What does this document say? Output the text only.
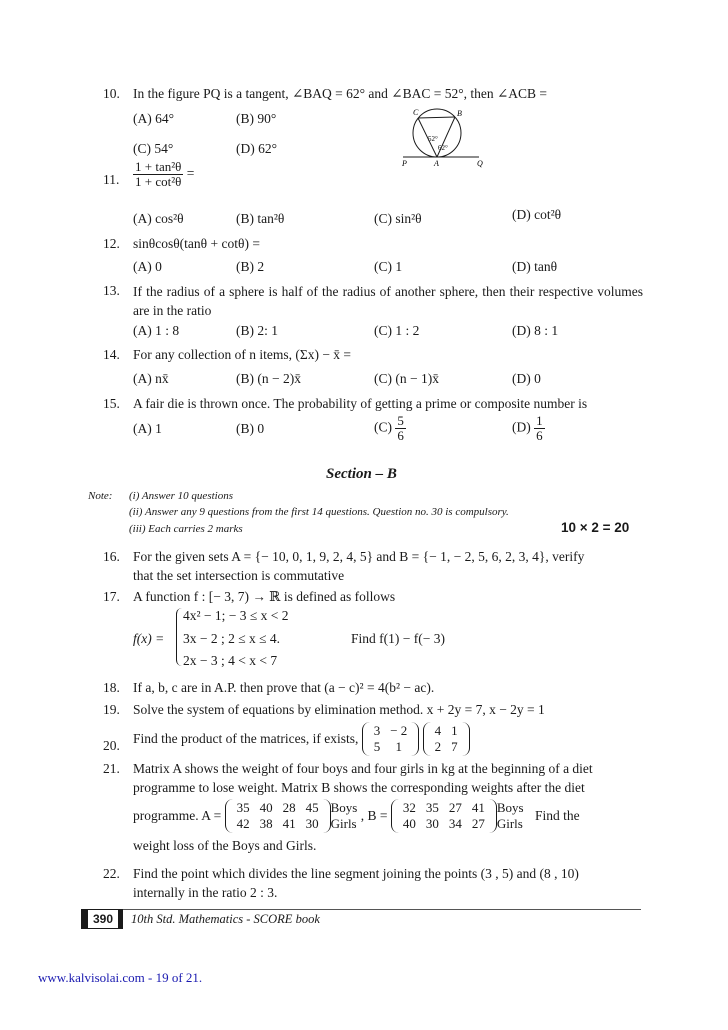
10. In the figure PQ is a tangent, ∠BAQ = 62° and ∠BAC = 52°, then ∠ACB =
(A) 64°	(B) 90°
(C) 54°	(D) 62°
C	B
P	A	Q
52°
62°
11. $\frac{\text{1 + tan²θ}}{\text{1 + cot²θ}}$ =
(A) cos²θ	(B) tan²θ	(C) sin²θ	(D) cot²θ
12. sinθcosθ(tanθ + cotθ) =
(A) 0	(B) 2	(C) 1	(D) tanθ
13. If the radius of a sphere is half of the radius of another sphere, then their respective volumes are in the ratio
(A) 1 : 8	(B) 2: 1	(C) 1 : 2	(D) 8 : 1
14. For any collection of n items, (Σx) − x̄ =
(A) nx̄	(B) (n − 2)x̄	(C) (n − 1)x̄	(D) 0
15. A fair die is thrown once. The probability of getting a prime or composite number is
(A) 1	(B) 0	$(C) \frac{5}{6}$	$(D) \frac{1}{6}$
Section – B
Note: (i) Answer 10 questions
(ii) Answer any 9 questions from the first 14 questions. Question no. 30 is compulsory.
(iii) Each carries 2 marks	10 × 2 = 20
16. For the given sets A = {− 10, 0, 1, 9, 2, 4, 5} and B = {− 1, − 2, 5, 6, 2, 3, 4}, verify
that the set intersection is commutative
17. A function f : [− 3, 7) → ℝ is defined as follows
f(x) =
4x² − 1; − 3 ≤ x < 2
3x − 2 ; 2 ≤ x ≤ 4.
2x − 3 ; 4 < x < 7
Find f(1) − f(− 3)
18. If a, b, c are in A.P. then prove that (a − c)² = 4(b² − ac).
19. Solve the system of equations by elimination method. x + 2y = 7, x − 2y = 1
20. Find the product of the matrices, if exists,
3	− 2
5	1

4	1
2	7
21. Matrix A shows the weight of four boys and four girls in kg at the beginning of a diet
programme to lose weight. Matrix B shows the corresponding weights after the diet
programme. A =
35	40	28	45
42	38	41	30
Boys
Girls , B =
32	35	27	41
40	30	34	27
Boys
Girls Find the
weight loss of the Boys and Girls.
22. Find the point which divides the line segment joining the points (3 , 5) and (8 , 10)
internally in the ratio 2 : 3.
390	10th Std. Mathematics - SCORE book
www.kalvisolai.com - 19 of 21.
